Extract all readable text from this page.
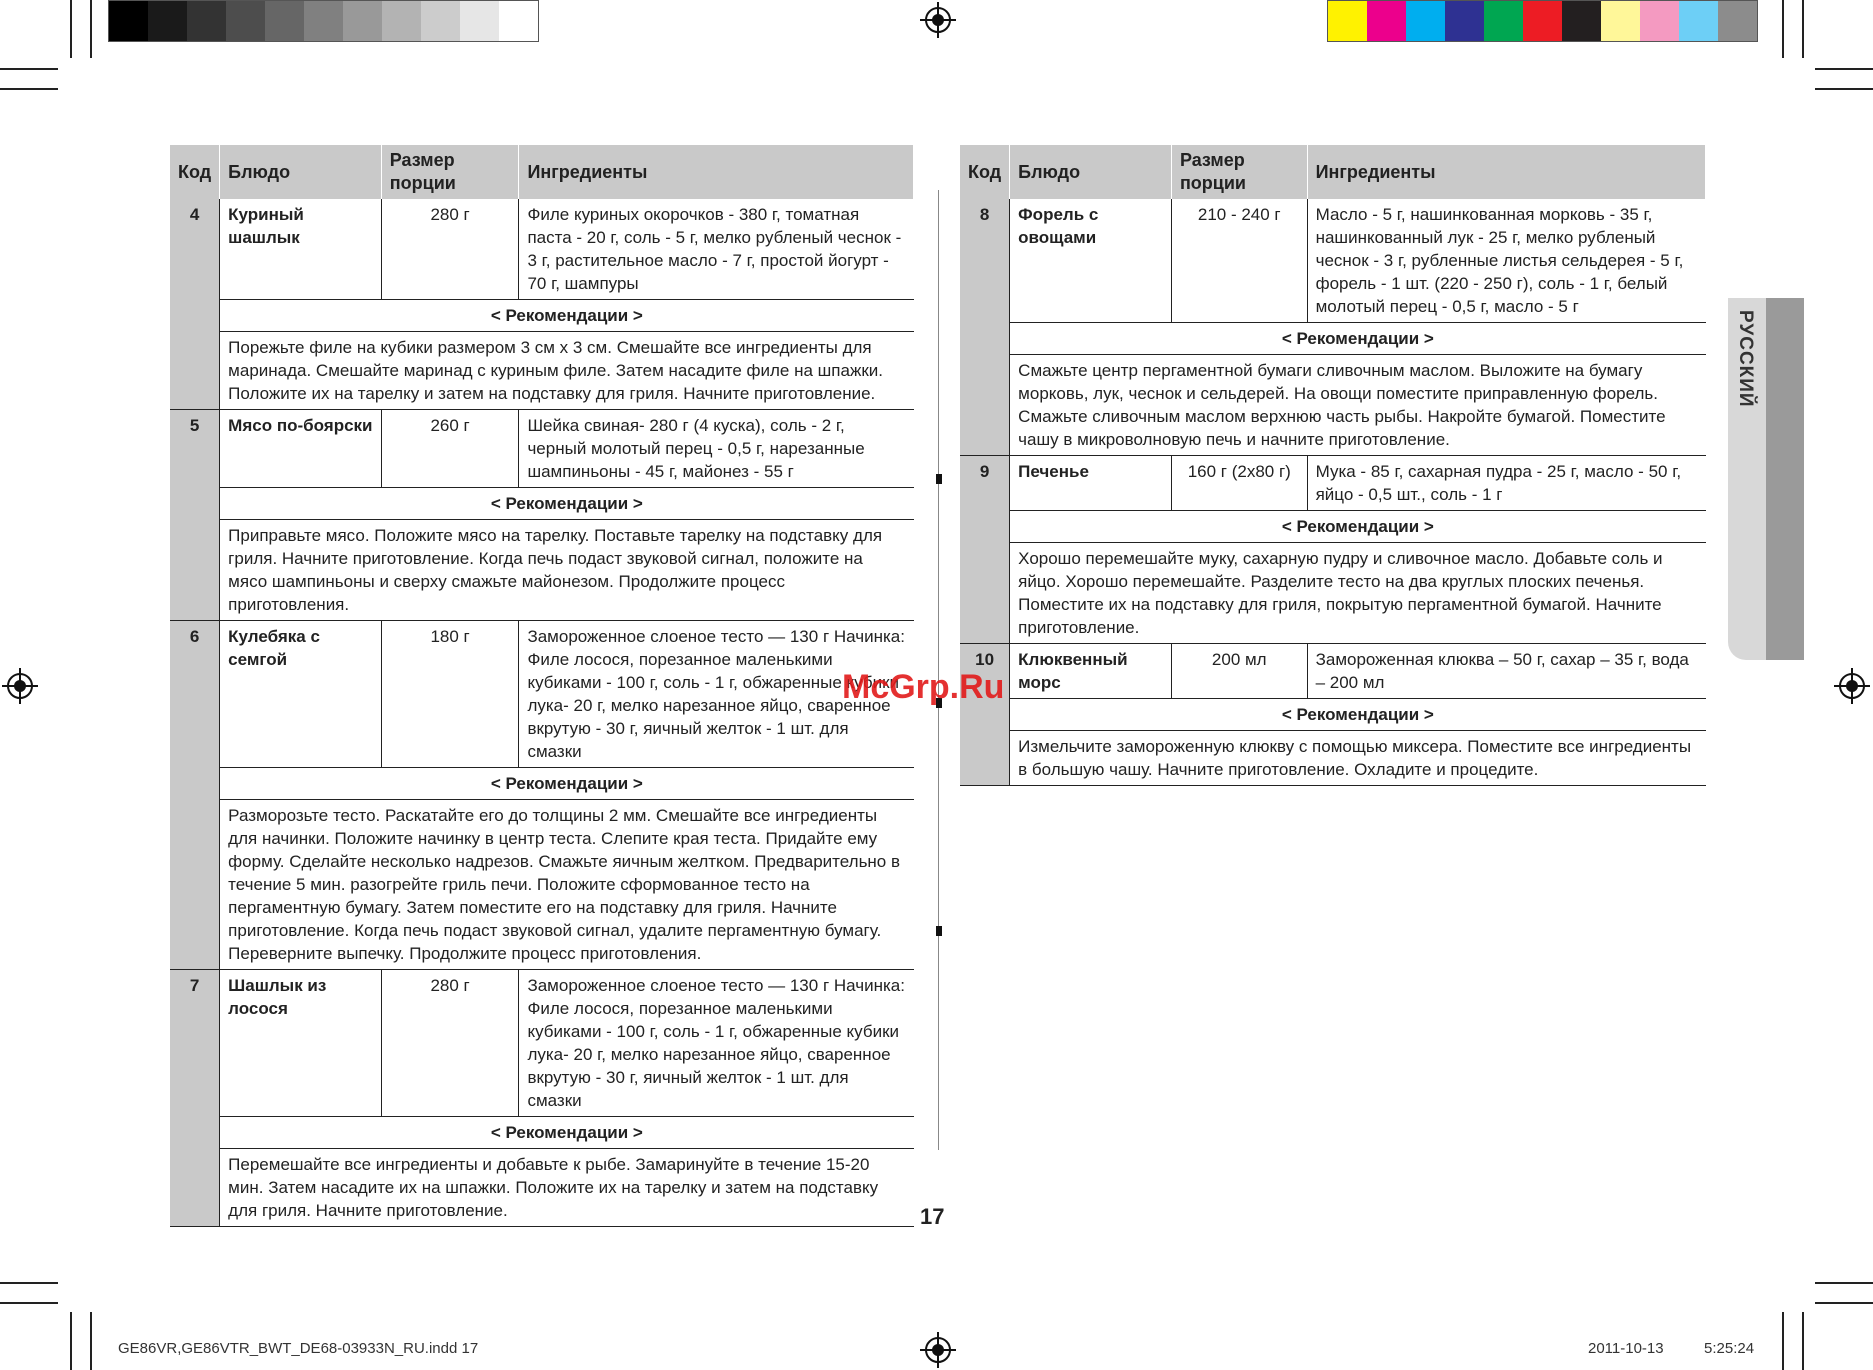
Код	Блюдо	Размер порции	Ингредиенты
4	Куриный шашлык	280 г	Филе куриных окорочков - 380 г, томатная паста - 20 г, соль - 5 г, мелко рубленый чеснок - 3 г, растительное масло - 7 г, простой йогурт - 70 г, шампуры
	< Рекомендации >		
	Порежьте филе на кубики размером 3 см х 3 см. Смешайте все ингредиенты для маринада. Смешайте маринад с куриным филе. Затем насадите филе на шпажки. Положите их на тарелку и затем на подставку для гриля. Начните приготовление.		
5	Мясо по-боярски	260 г	Шейка свиная- 280 г (4 куска), соль - 2 г, черный молотый перец - 0,5 г, нарезанные шампиньоны - 45 г, майонез - 55 г
	< Рекомендации >		
	Приправьте мясо. Положите мясо на тарелку. Поставьте тарелку на подставку для гриля. Начните приготовление. Когда печь подаст звуковой сигнал, положите на мясо шампиньоны и сверху смажьте майонезом. Продолжите процесс приготовления.		
6	Кулебяка с семгой	180 г	Замороженное слоеное тесто — 130 г Начинка: Филе лосося, порезанное маленькими кубиками - 100 г, соль - 1 г, обжаренные кубики лука- 20 г, мелко нарезанное яйцо, сваренное вкрутую - 30 г, яичный желток - 1 шт. для смазки
	< Рекомендации >		
	Разморозьте тесто. Раскатайте его до толщины 2 мм. Смешайте все ингредиенты для начинки. Положите начинку в центр теста. Слепите края теста. Придайте ему форму. Сделайте несколько надрезов. Смажьте яичным желтком. Предварительно в течение 5 мин. разогрейте гриль печи. Положите сформованное тесто на пергаментную бумагу. Затем поместите его на подставку для гриля. Начните приготовление. Когда печь подаст звуковой сигнал, удалите пергаментную бумагу. Переверните выпечку. Продолжите процесс приготовления.		
7	Шашлык из лосося	280 г	Замороженное слоеное тесто — 130 г Начинка: Филе лосося, порезанное маленькими кубиками - 100 г, соль - 1 г, обжаренные кубики лука- 20 г, мелко нарезанное яйцо, сваренное вкрутую - 30 г, яичный желток - 1 шт. для смазки
	< Рекомендации >		
	Перемешайте все ингредиенты и добавьте к рыбе. Замаринуйте в течение 15-20 мин. Затем насадите их на шпажки. Положите их на тарелку и затем на подставку для гриля. Начните приготовление.		
Код	Блюдо	Размер порции	Ингредиенты
8	Форель с овощами	210 - 240 г	Масло - 5 г, нашинкованная морковь - 35 г, нашинкованный лук - 25 г, мелко рубленый чеснок - 3 г, рубленные листья сельдерея - 5 г, форель - 1 шт. (220 - 250 г), соль - 1 г, белый молотый перец - 0,5 г, масло - 5 г
	< Рекомендации >		
	Смажьте центр пергаментной бумаги сливочным маслом. Выложите на бумагу морковь, лук, чеснок и сельдерей. На овощи поместите приправленную форель. Смажьте сливочным маслом верхнюю часть рыбы. Накройте бумагой. Поместите чашу в микроволновую печь и начните приготовление.		
9	Печенье	160 г (2х80 г)	Мука - 85 г, сахарная пудра - 25 г, масло - 50 г, яйцо - 0,5 шт., соль - 1 г
	< Рекомендации >		
	Хорошо перемешайте муку, сахарную пудру и сливочное масло. Добавьте соль и яйцо. Хорошо перемешайте. Разделите тесто на два круглых плоских печенья. Поместите их на подставку для гриля, покрытую пергаментной бумагой. Начните приготовление.		
10	Клюквенный морс	200 мл	Замороженная клюква – 50 г, сахар – 35 г, вода – 200 мл
	< Рекомендации >		
	Измельчите замороженную клюкву с помощью миксера. Поместите все ингредиенты в большую чашу. Начните приготовление. Охладите и процедите.		
РУССКИЙ
McGrp.Ru
17
GE86VR,GE86VTR_BWT_DE68-03933N_RU.indd 17	2011-10-13	5:25:24
